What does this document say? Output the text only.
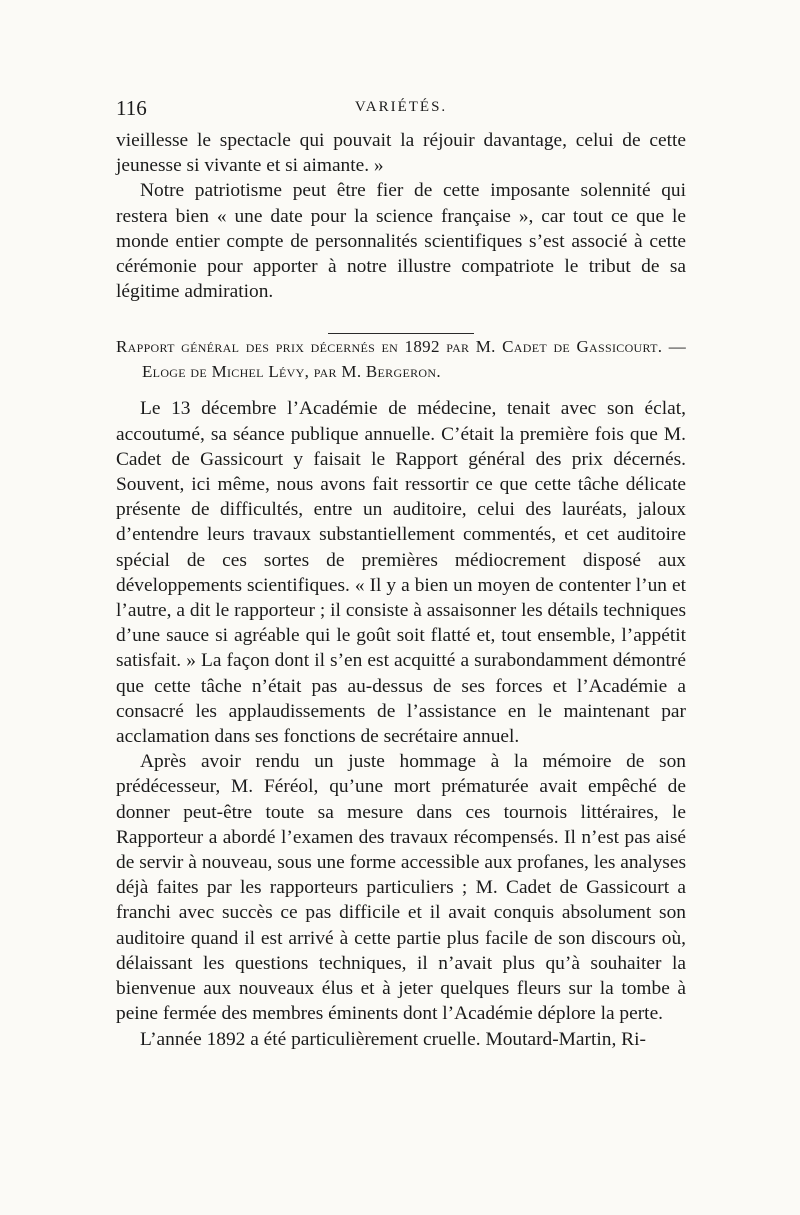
116	VARIÉTÉS.

vieillesse le spectacle qui pouvait la réjouir davantage, celui de cette jeunesse si vivante et si aimante. »

Notre patriotisme peut être fier de cette imposante solennité qui restera bien « une date pour la science française », car tout ce que le monde entier compte de personnalités scientifiques s’est associé à cette cérémonie pour apporter à notre illustre compatriote le tribut de sa légitime admiration.

Rapport général des prix décernés en 1892 par M. Cadet de Gassicourt. — Eloge de Michel Lévy, par M. Bergeron.

Le 13 décembre l’Académie de médecine, tenait avec son éclat, accoutumé, sa séance publique annuelle. C’était la première fois que M. Cadet de Gassicourt y faisait le Rapport général des prix décernés. Souvent, ici même, nous avons fait ressortir ce que cette tâche délicate présente de difficultés, entre un auditoire, celui des lauréats, jaloux d’entendre leurs travaux substantiellement commentés, et cet auditoire spécial de ces sortes de premières médiocrement disposé aux développements scientifiques. « Il y a bien un moyen de contenter l’un et l’autre, a dit le rapporteur ; il consiste à assaisonner les détails techniques d’une sauce si agréable qui le goût soit flatté et, tout ensemble, l’appétit satisfait. » La façon dont il s’en est acquitté a surabondamment démontré que cette tâche n’était pas au-dessus de ses forces et l’Académie a consacré les applaudissements de l’assistance en le maintenant par acclamation dans ses fonctions de secrétaire annuel.

Après avoir rendu un juste hommage à la mémoire de son prédécesseur, M. Féréol, qu’une mort prématurée avait empêché de donner peut-être toute sa mesure dans ces tournois littéraires, le Rapporteur a abordé l’examen des travaux récompensés. Il n’est pas aisé de servir à nouveau, sous une forme accessible aux profanes, les analyses déjà faites par les rapporteurs particuliers ; M. Cadet de Gassicourt a franchi avec succès ce pas difficile et il avait conquis absolument son auditoire quand il est arrivé à cette partie plus facile de son discours où, délaissant les questions techniques, il n’avait plus qu’à souhaiter la bienvenue aux nouveaux élus et à jeter quelques fleurs sur la tombe à peine fermée des membres éminents dont l’Académie déplore la perte.

L’année 1892 a été particulièrement cruelle. Moutard-Martin, Ri-
